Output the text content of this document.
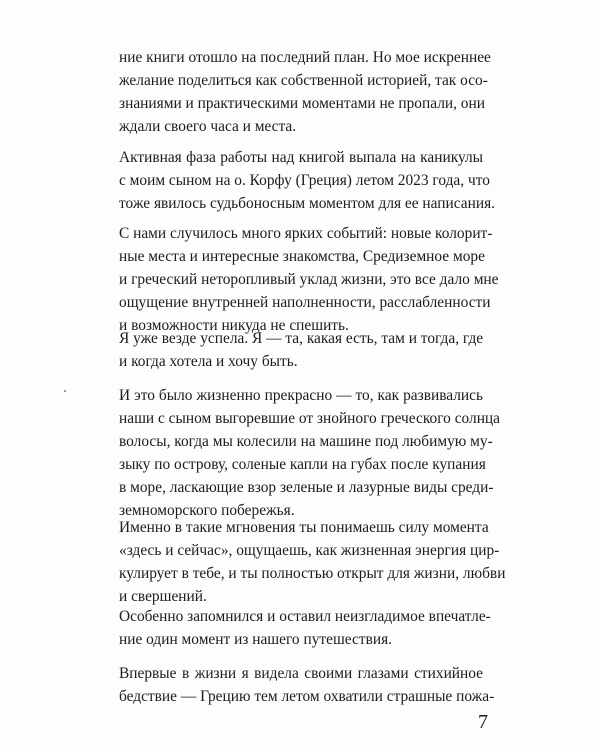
ние книги отошло на последний план. Но мое искреннее
желание поделиться как собственной историей, так осо-
знаниями и практическими моментами не пропали, они
ждали своего часа и места.
Активная фаза работы над книгой выпала на каникулы
с моим сыном на о. Корфу (Греция) летом 2023 года, что
тоже явилось судьбоносным моментом для ее написания.
С нами случилось много ярких событий: новые колорит-
ные места и интересные знакомства, Средиземное море
и греческий неторопливый уклад жизни, это все дало мне
ощущение внутренней наполненности, расслабленности
и возможности никуда не спешить.
Я уже везде успела. Я — та, какая есть, там и тогда, где
и когда хотела и хочу быть.
И это было жизненно прекрасно — то, как развивались
наши с сыном выгоревшие от знойного греческого солнца
волосы, когда мы колесили на машине под любимую му-
зыку по острову, соленые капли на губах после купания
в море, ласкающие взор зеленые и лазурные виды среди-
земноморского побережья.
Именно в такие мгновения ты понимаешь силу момента
«здесь и сейчас», ощущаешь, как жизненная энергия цир-
кулирует в тебе, и ты полностью открыт для жизни, любви
и свершений.
Особенно запомнился и оставил неизгладимое впечатле-
ние один момент из нашего путешествия.
Впервые в жизни я видела своими глазами стихийное
бедствие — Грецию тем летом охватили страшные пожа-
7
